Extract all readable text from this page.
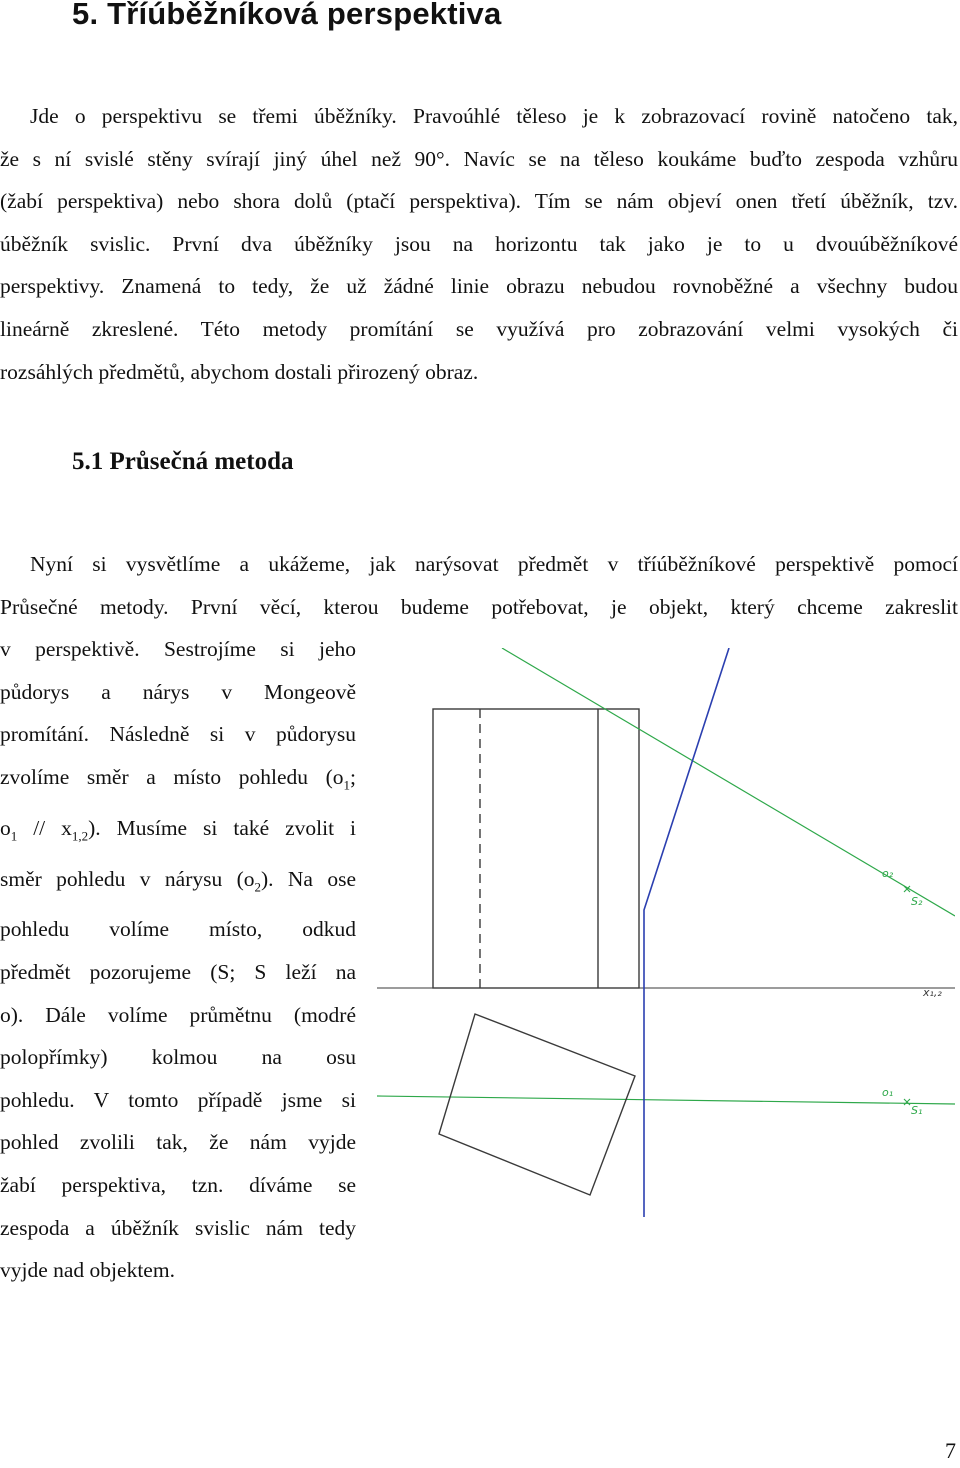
5. Tříúběžníková perspektiva
Jde o perspektivu se třemi úběžníky. Pravoúhlé těleso je k zobrazovací rovině natočeno tak,
že s ní svislé stěny svírají jiný úhel než 90°. Navíc se na těleso koukáme buďto zespoda vzhůru
(žabí perspektiva) nebo shora dolů (ptačí perspektiva). Tím se nám objeví onen třetí úběžník, tzv.
úběžník svislic. První dva úběžníky jsou na horizontu tak jako je to u dvouúběžníkové
perspektivy. Znamená to tedy, že už žádné linie obrazu nebudou rovnoběžné a všechny budou
lineárně zkreslené. Této metody promítání se využívá pro zobrazování velmi vysokých či
rozsáhlých předmětů, abychom dostali přirozený obraz.
5.1 Průsečná metoda
Nyní si vysvětlíme a ukážeme, jak narýsovat předmět v tříúběžníkové perspektivě pomocí
Průsečné metody. První věcí, kterou budeme potřebovat, je objekt, který chceme zakreslit
v perspektivě. Sestrojíme si jeho
půdorys a nárys v Mongeově
promítání. Následně si v půdorysu
zvolíme směr a místo pohledu ($o_1$;
$o_1 // x_{1,2}$). Musíme si také zvolit i
směr pohledu v nárysu $(o_2)$. Na ose
pohledu volíme místo, odkud
předmět pozorujeme (S; S leží na
o). Dále volíme průmětnu (modré
polopřímky) kolmou na osu
pohledu. V tomto případě jsme si
pohled zvolili tak, že nám vyjde
žabí perspektiva, tzn. díváme se
zespoda a úběžník svislic nám tedy
vyjde nad objektem.
o₂
S₂
x₁,₂
o₁
S₁
7
